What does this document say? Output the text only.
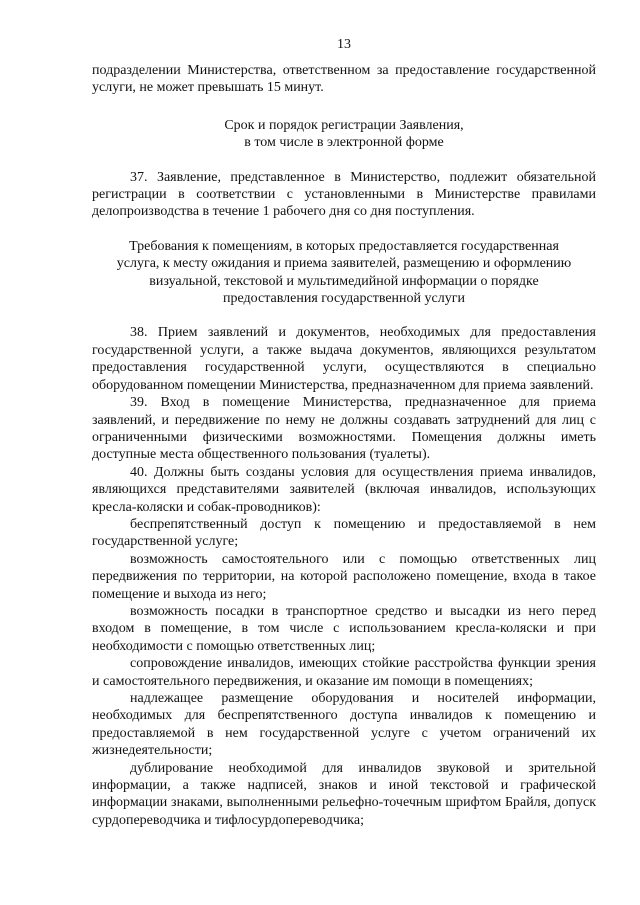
13

подразделении Министерства, ответственном за предоставление государственной услуги, не может превышать 15 минут.

Срок и порядок регистрации Заявления,
в том числе в электронной форме

37. Заявление, представленное в Министерство, подлежит обязательной регистрации в соответствии с установленными в Министерстве правилами делопроизводства в течение 1 рабочего дня со дня поступления.

Требования к помещениям, в которых предоставляется государственная
услуга, к месту ожидания и приема заявителей, размещению и оформлению
визуальной, текстовой и мультимедийной информации о порядке
предоставления государственной услуги

38. Прием заявлений и документов, необходимых для предоставления государственной услуги, а также выдача документов, являющихся результатом предоставления государственной услуги, осуществляются в специально оборудованном помещении Министерства, предназначенном для приема заявлений.

39. Вход в помещение Министерства, предназначенное для приема заявлений, и передвижение по нему не должны создавать затруднений для лиц с ограниченными физическими возможностями. Помещения должны иметь доступные места общественного пользования (туалеты).

40. Должны быть созданы условия для осуществления приема инвалидов, являющихся представителями заявителей (включая инвалидов, использующих кресла-коляски и собак-проводников):

беспрепятственный доступ к помещению и предоставляемой в нем государственной услуге;

возможность самостоятельного или с помощью ответственных лиц передвижения по территории, на которой расположено помещение, входа в такое помещение и выхода из него;

возможность посадки в транспортное средство и высадки из него перед входом в помещение, в том числе с использованием кресла-коляски и при необходимости с помощью ответственных лиц;

сопровождение инвалидов, имеющих стойкие расстройства функции зрения и самостоятельного передвижения, и оказание им помощи в помещениях;

надлежащее размещение оборудования и носителей информации, необходимых для беспрепятственного доступа инвалидов к помещению и предоставляемой в нем государственной услуге с учетом ограничений их жизнедеятельности;

дублирование необходимой для инвалидов звуковой и зрительной информации, а также надписей, знаков и иной текстовой и графической информации знаками, выполненными рельефно-точечным шрифтом Брайля, допуск сурдопереводчика и тифлосурдопереводчика;
